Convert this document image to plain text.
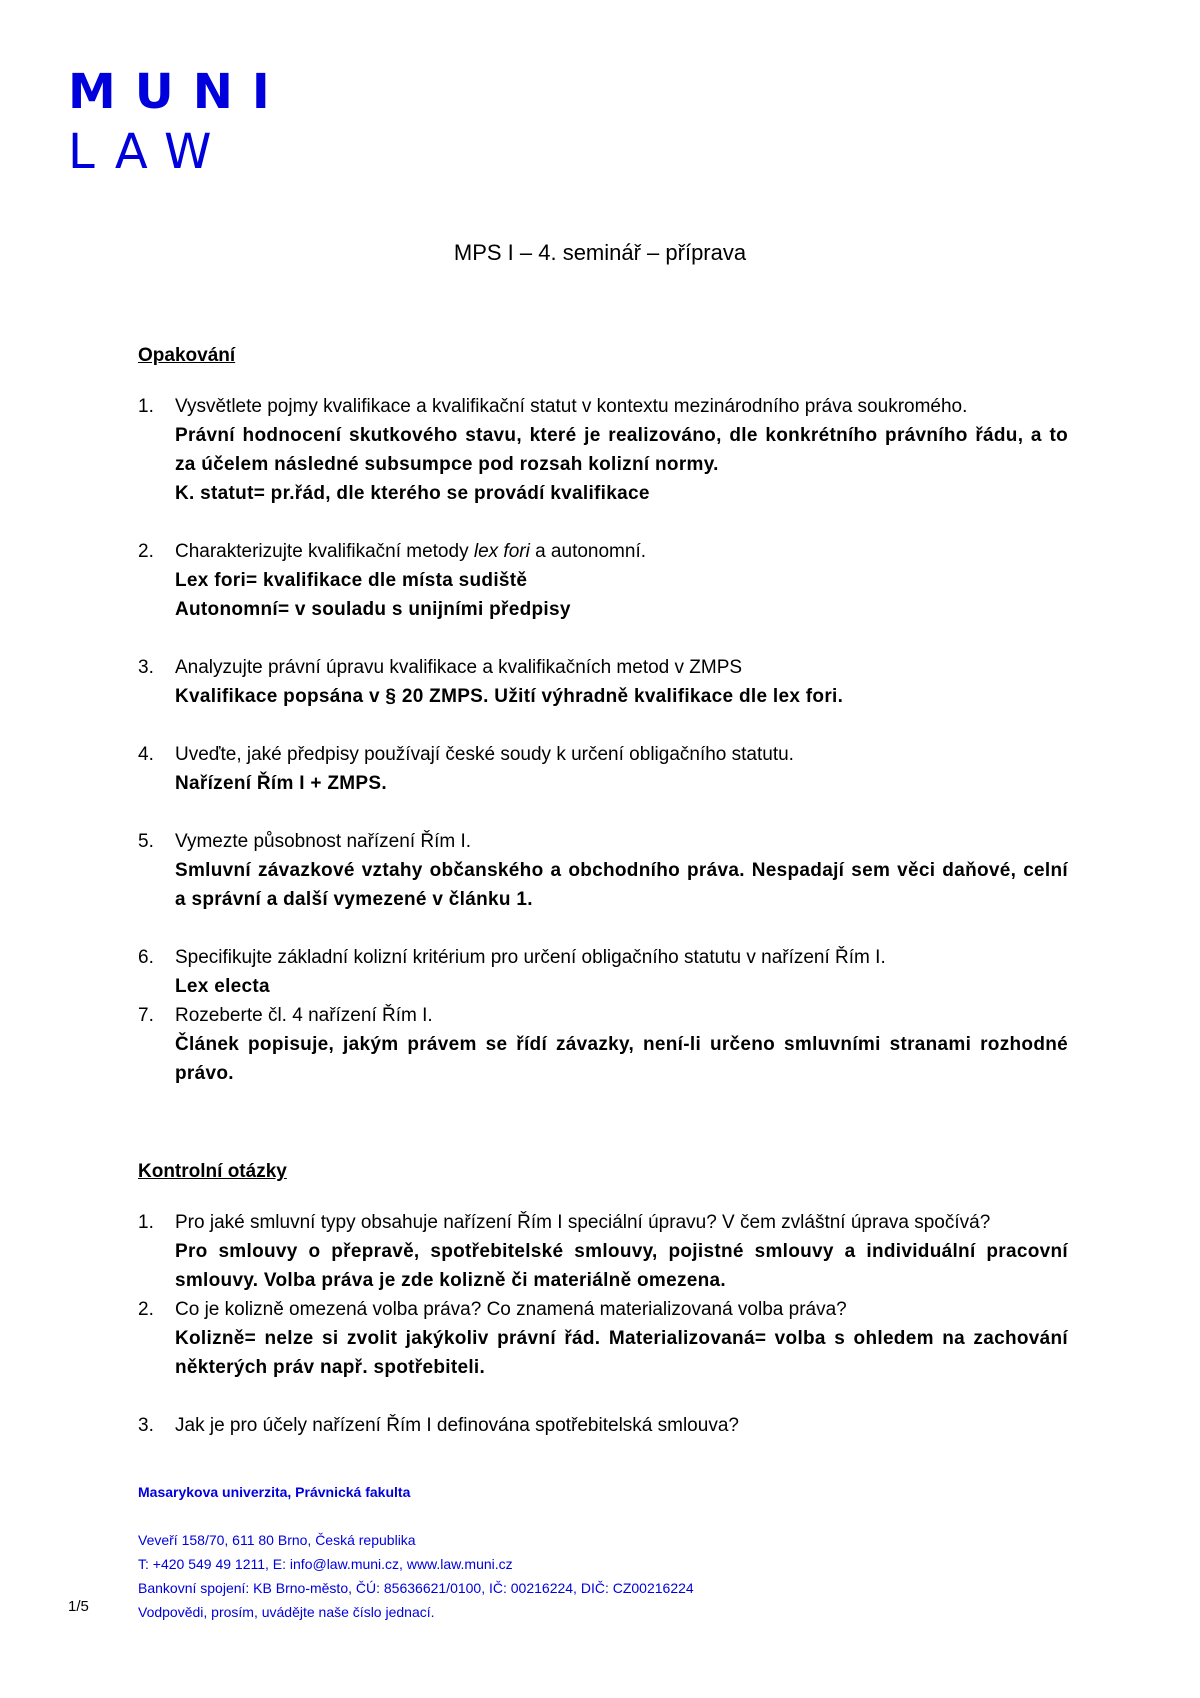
MUNI
LAW
MPS I – 4. seminář – příprava
Opakování
1.	Vysvětlete pojmy kvalifikace a kvalifikační statut v kontextu mezinárodního práva soukromého.

Právní hodnocení skutkového stavu, které je realizováno, dle konkrétního právního řádu, a to za účelem následné subsumpce pod rozsah kolizní normy.

K. statut= pr.řád, dle kterého se provádí kvalifikace

2.	Charakterizujte kvalifikační metody lex fori a autonomní.

Lex fori= kvalifikace dle místa sudiště

Autonomní= v souladu s unijními předpisy

3.	Analyzujte právní úpravu kvalifikace a kvalifikačních metod v ZMPS

Kvalifikace popsána v § 20 ZMPS. Užití výhradně kvalifikace dle lex fori.

4.	Uveďte, jaké předpisy používají české soudy k určení obligačního statutu.

Nařízení Řím I + ZMPS.

5.	Vymezte působnost nařízení Řím I.

Smluvní závazkové vztahy občanského a obchodního práva. Nespadají sem věci daňové, celní a správní a další vymezené v článku 1.

6.	Specifikujte základní kolizní kritérium pro určení obligačního statutu v nařízení Řím I.

Lex electa

7.	Rozeberte čl. 4 nařízení Řím I.

Článek popisuje, jakým právem se řídí závazky, není-li určeno smluvními stranami rozhodné právo.

Kontrolní otázky
1.	Pro jaké smluvní typy obsahuje nařízení Řím I speciální úpravu? V čem zvláštní úprava spočívá?

Pro smlouvy o přepravě, spotřebitelské smlouvy, pojistné smlouvy a individuální pracovní smlouvy. Volba práva je zde kolizně či materiálně omezena.

2.	Co je kolizně omezená volba práva? Co znamená materializovaná volba práva?

Kolizně= nelze si zvolit jakýkoliv právní řád. Materializovaná= volba s ohledem na zachování některých práv např. spotřebiteli.

3.	Jak je pro účely nařízení Řím I definována spotřebitelská smlouva?
Masarykova univerzita, Právnická fakulta
Veveří 158/70, 611 80 Brno, Česká republika
T: +420 549 49 1211, E: info@law.muni.cz, www.law.muni.cz
Bankovní spojení: KB Brno-město, ČÚ: 85636621/0100, IČ: 00216224, DIČ: CZ00216224
Vodpovědi, prosím, uvádějte naše číslo jednací.
1/5
